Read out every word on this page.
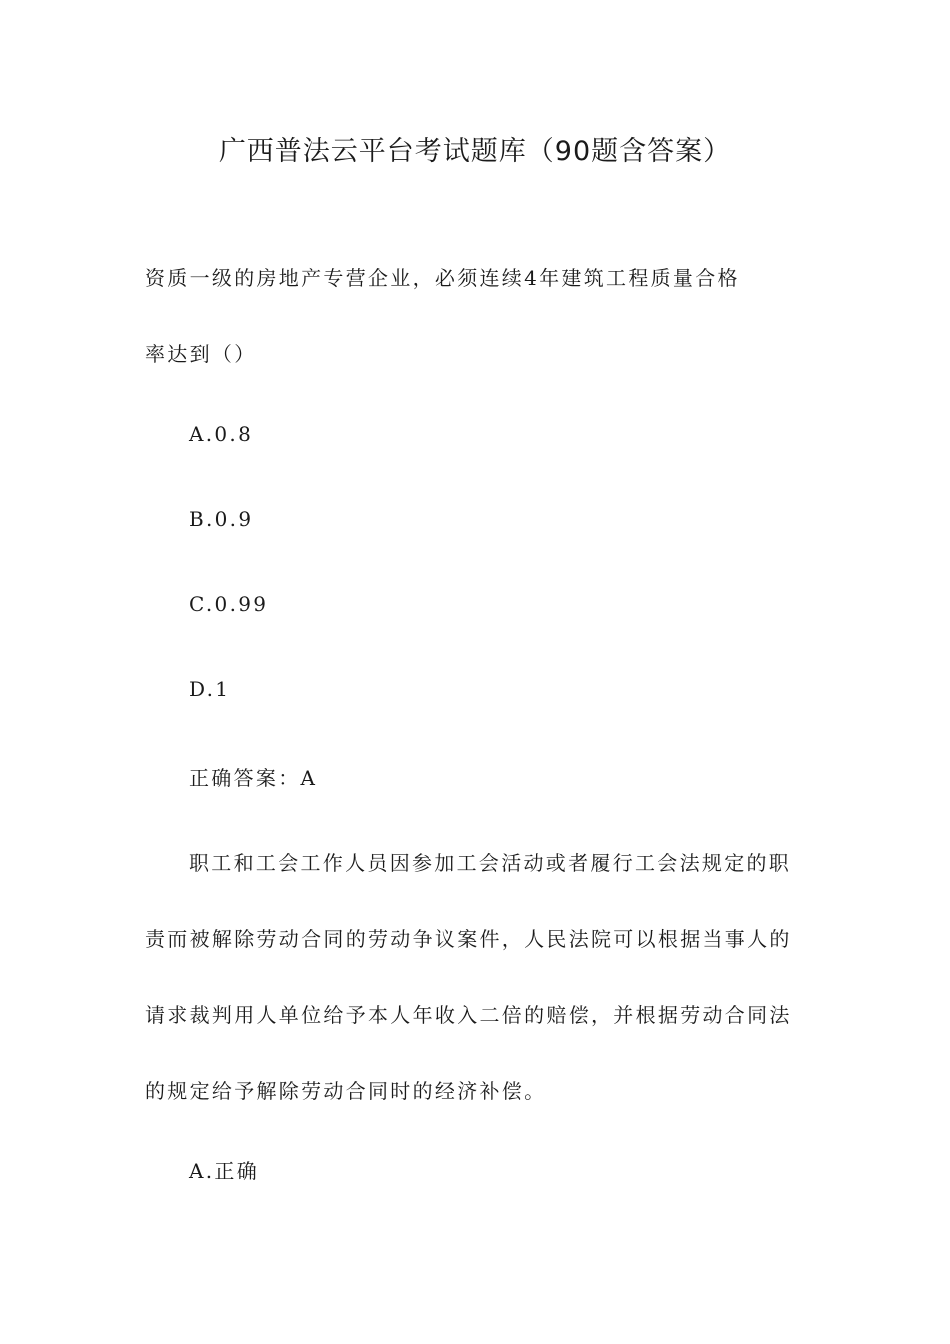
广西普法云平台考试题库（90题含答案）
资质一级的房地产专营企业，必须连续4年建筑工程质量合格
率达到（）
A.0.8
B.0.9
C.0.99
D.1
正确答案：A
职工和工会工作人员因参加工会活动或者履行工会法规定的职
责而被解除劳动合同的劳动争议案件，人民法院可以根据当事人的
请求裁判用人单位给予本人年收入二倍的赔偿，并根据劳动合同法
的规定给予解除劳动合同时的经济补偿。
A.正确
